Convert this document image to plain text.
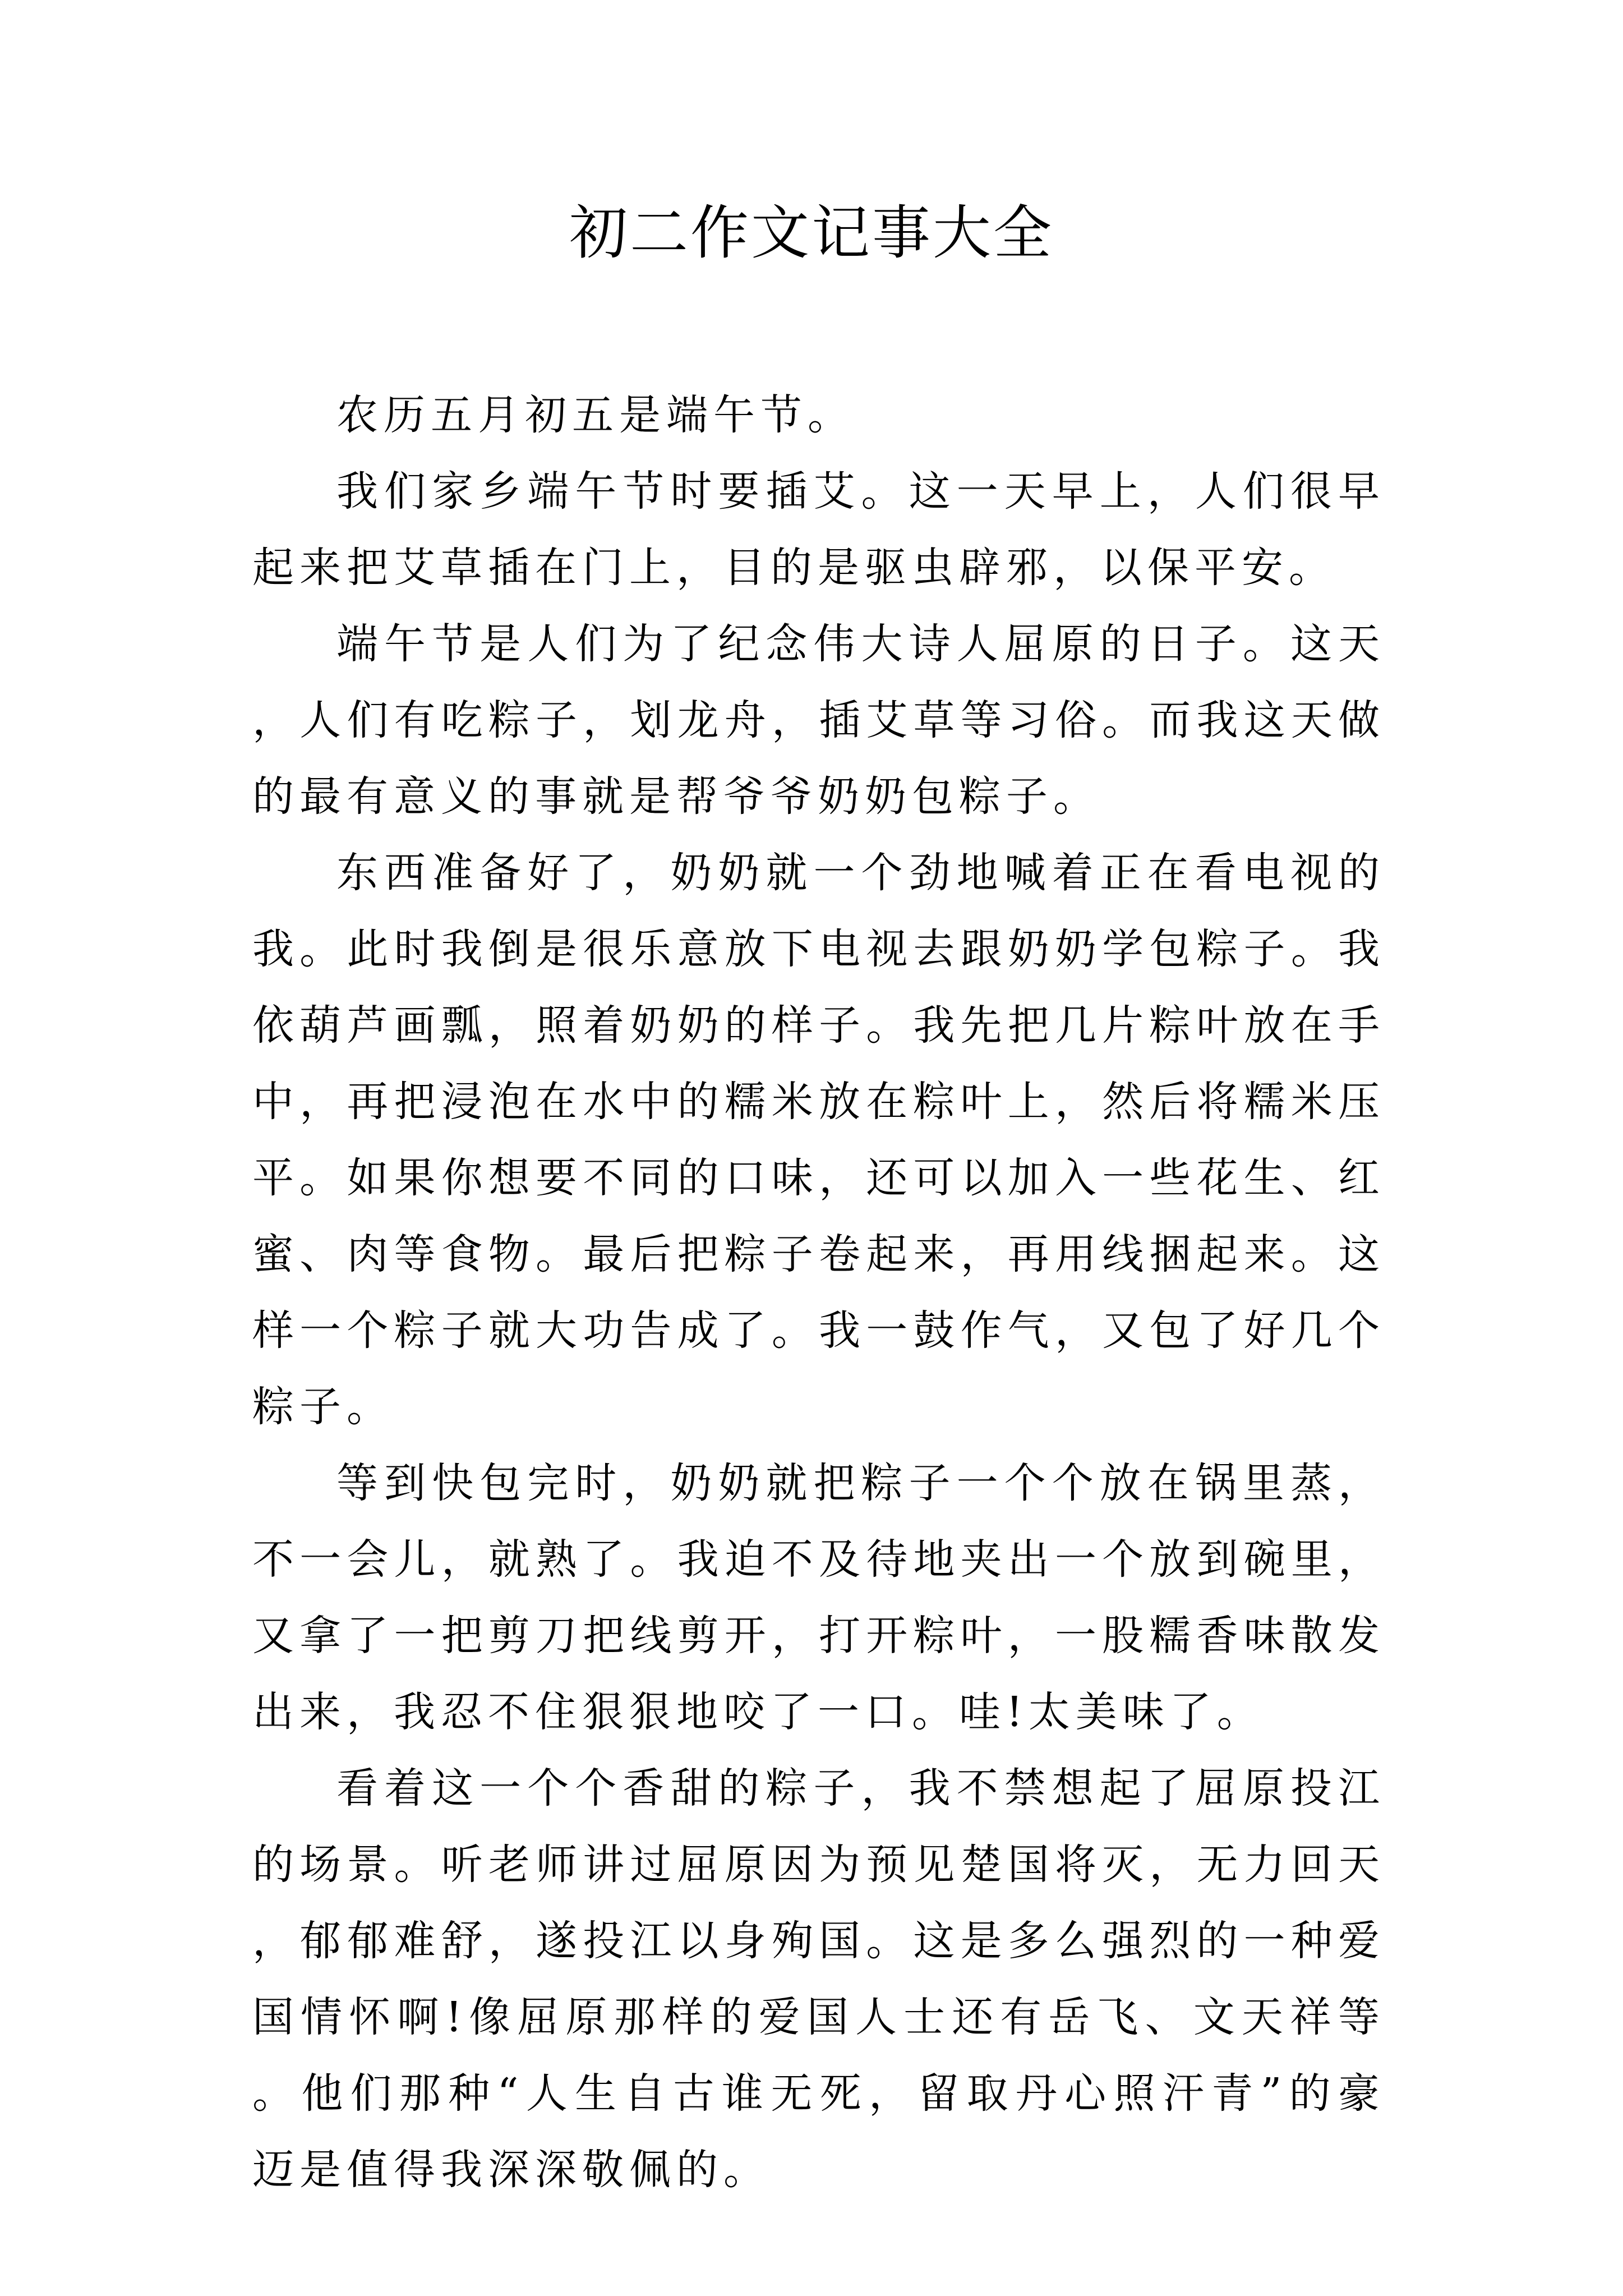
初二作文记事大全

农历五月初五是端午节。

我们家乡端午节时要插艾。这一天早上，人们很早起来把艾草插在门上，目的是驱虫辟邪，以保平安。

端午节是人们为了纪念伟大诗人屈原的日子。这天，人们有吃粽子，划龙舟，插艾草等习俗。而我这天做的最有意义的事就是帮爷爷奶奶包粽子。

东西准备好了，奶奶就一个劲地喊着正在看电视的我。此时我倒是很乐意放下电视去跟奶奶学包粽子。我依葫芦画瓢，照着奶奶的样子。我先把几片粽叶放在手中，再把浸泡在水中的糯米放在粽叶上，然后将糯米压平。如果你想要不同的口味，还可以加入一些花生、红蜜、肉等食物。最后把粽子卷起来，再用线捆起来。这样一个粽子就大功告成了。我一鼓作气，又包了好几个粽子。

等到快包完时，奶奶就把粽子一个个放在锅里蒸，不一会儿，就熟了。我迫不及待地夹出一个放到碗里，又拿了一把剪刀把线剪开，打开粽叶，一股糯香味散发出来，我忍不住狠狠地咬了一口。哇!太美味了。

看着这一个个香甜的粽子，我不禁想起了屈原投江的场景。听老师讲过屈原因为预见楚国将灭，无力回天，郁郁难舒，遂投江以身殉国。这是多么强烈的一种爱国情怀啊!像屈原那样的爱国人士还有岳飞、文天祥等。他们那种“人生自古谁无死，留取丹心照汗青”的豪迈是值得我深深敬佩的。
